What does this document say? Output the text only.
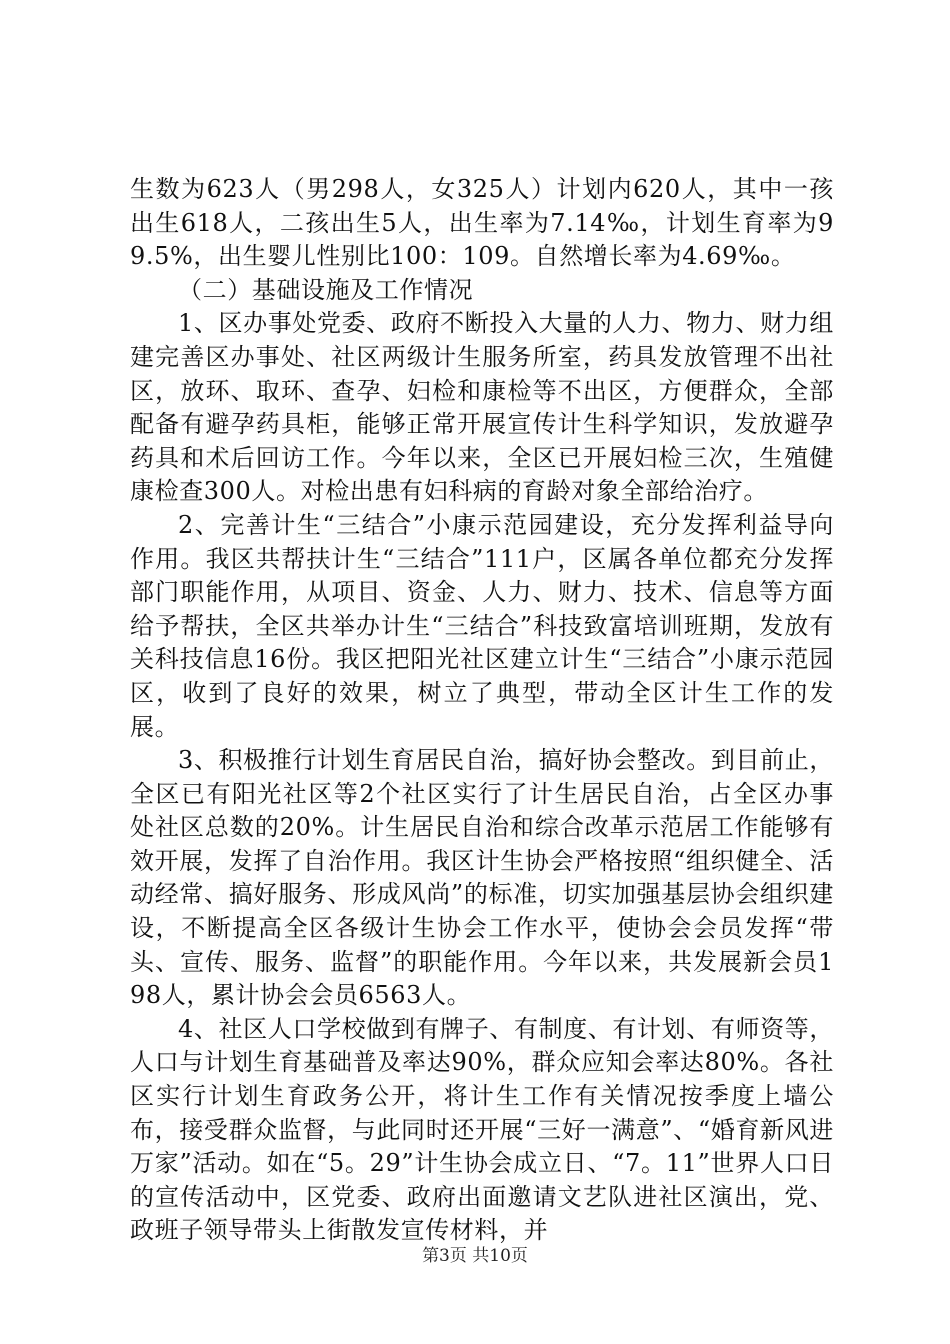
生数为623人（男298人，女325人）计划内620人，其中一孩出生618人，二孩出生5人，出生率为7.14‰，计划生育率为99.5%，出生婴儿性别比100：109。自然增长率为4.69‰。

（二）基础设施及工作情况

1、区办事处党委、政府不断投入大量的人力、物力、财力组建完善区办事处、社区两级计生服务所室，药具发放管理不出社区，放环、取环、查孕、妇检和康检等不出区，方便群众，全部配备有避孕药具柜，能够正常开展宣传计生科学知识，发放避孕药具和术后回访工作。今年以来，全区已开展妇检三次，生殖健康检查300人。对检出患有妇科病的育龄对象全部给治疗。

2、完善计生“三结合”小康示范园建设，充分发挥利益导向作用。我区共帮扶计生“三结合”111户，区属各单位都充分发挥部门职能作用，从项目、资金、人力、财力、技术、信息等方面给予帮扶，全区共举办计生“三结合”科技致富培训班期，发放有关科技信息16份。我区把阳光社区建立计生“三结合”小康示范园区，收到了良好的效果，树立了典型，带动全区计生工作的发展。

3、积极推行计划生育居民自治，搞好协会整改。到目前止，全区已有阳光社区等2个社区实行了计生居民自治，占全区办事处社区总数的20%。计生居民自治和综合改革示范居工作能够有效开展，发挥了自治作用。我区计生协会严格按照“组织健全、活动经常、搞好服务、形成风尚”的标准，切实加强基层协会组织建设，不断提高全区各级计生协会工作水平，使协会会员发挥“带头、宣传、服务、监督”的职能作用。今年以来，共发展新会员198人，累计协会会员6563人。

4、社区人口学校做到有牌子、有制度、有计划、有师资等，人口与计划生育基础普及率达90%，群众应知会率达80%。各社区实行计划生育政务公开，将计生工作有关情况按季度上墙公布，接受群众监督，与此同时还开展“三好一满意”、“婚育新风进万家”活动。如在“5。29”计生协会成立日、“7。11”世界人口日的宣传活动中，区党委、政府出面邀请文艺队进社区演出，党、政班子领导带头上街散发宣传材料，并

第3页 共10页
